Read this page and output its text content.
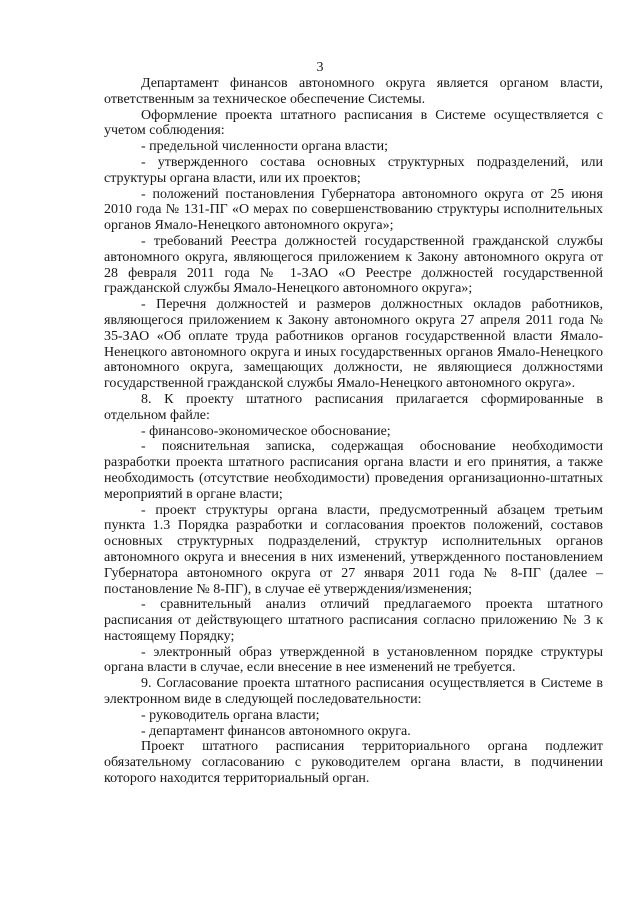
3

Департамент финансов автономного округа является органом власти, ответственным за техническое обеспечение Системы.

Оформление проекта штатного расписания в Системе осуществляется с учетом соблюдения:

- предельной численности органа власти;

- утвержденного состава основных структурных подразделений, или структуры органа власти, или их проектов;

- положений постановления Губернатора автономного округа от 25 июня 2010 года № 131-ПГ «О мерах по совершенствованию структуры исполнительных органов Ямало-Ненецкого автономного округа»;

- требований Реестра должностей государственной гражданской службы автономного округа, являющегося приложением к Закону автономного округа от 28 февраля 2011 года № 1-ЗАО «О Реестре должностей государственной гражданской службы Ямало-Ненецкого автономного округа»;

- Перечня должностей и размеров должностных окладов работников, являющегося приложением к Закону автономного округа 27 апреля 2011 года № 35-ЗАО «Об оплате труда работников органов государственной власти Ямало-Ненецкого автономного округа и иных государственных органов Ямало-Ненецкого автономного округа, замещающих должности, не являющиеся должностями государственной гражданской службы Ямало-Ненецкого автономного округа».

8. К проекту штатного расписания прилагается сформированные в отдельном файле:

- финансово-экономическое обоснование;

- пояснительная записка, содержащая обоснование необходимости разработки проекта штатного расписания органа власти и его принятия, а также необходимость (отсутствие необходимости) проведения организационно-штатных мероприятий в органе власти;

- проект структуры органа власти, предусмотренный абзацем третьим пункта 1.3 Порядка разработки и согласования проектов положений, составов основных структурных подразделений, структур исполнительных органов автономного округа и внесения в них изменений, утвержденного постановлением Губернатора автономного округа от 27 января 2011 года № 8-ПГ (далее – постановление № 8-ПГ), в случае её утверждения/изменения;

- сравнительный анализ отличий предлагаемого проекта штатного расписания от действующего штатного расписания согласно приложению № 3 к настоящему Порядку;

- электронный образ утвержденной в установленном порядке структуры органа власти в случае, если внесение в нее изменений не требуется.

9. Согласование проекта штатного расписания осуществляется в Системе в электронном виде в следующей последовательности:

- руководитель органа власти;

- департамент финансов автономного округа.

Проект штатного расписания территориального органа подлежит обязательному согласованию с руководителем органа власти, в подчинении которого находится территориальный орган.
